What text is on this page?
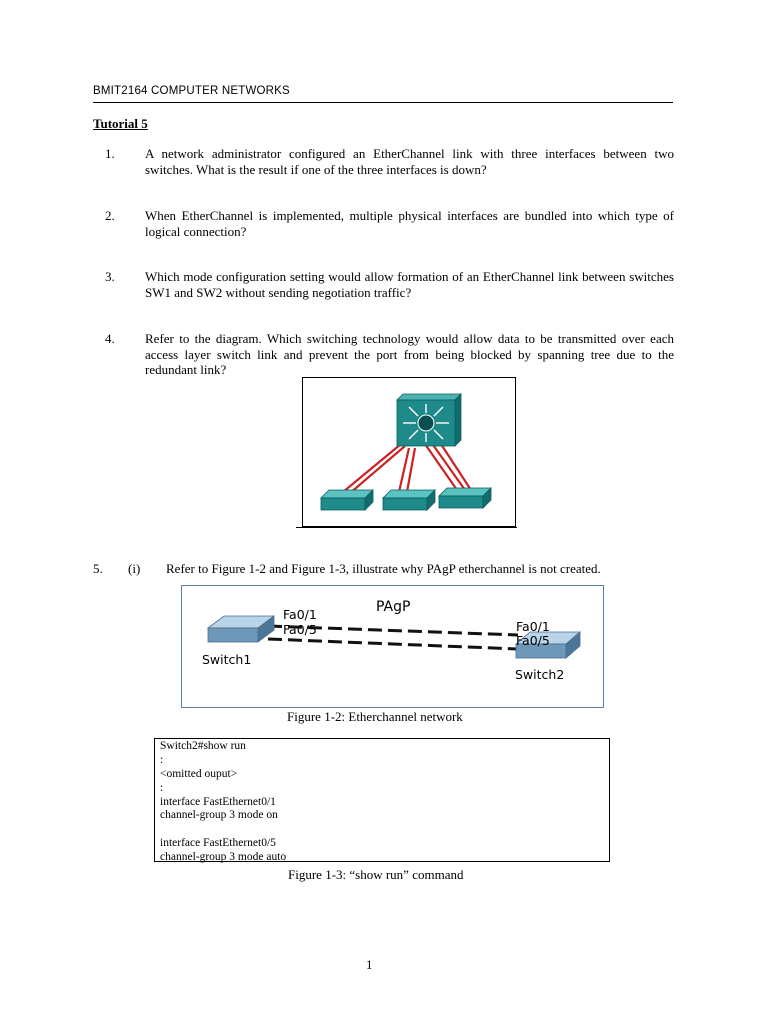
BMIT2164 COMPUTER NETWORKS
Tutorial 5
1. A network administrator configured an EtherChannel link with three interfaces between two switches. What is the result if one of the three interfaces is down?
2. When EtherChannel is implemented, multiple physical interfaces are bundled into which type of logical connection?
3. Which mode configuration setting would allow formation of an EtherChannel link between switches SW1 and SW2 without sending negotiation traffic?
4. Refer to the diagram. Which switching technology would allow data to be transmitted over each access layer switch link and prevent the port from being blocked by spanning tree due to the redundant link?
5. (i) Refer to Figure 1-2 and Figure 1-3, illustrate why PAgP etherchannel is not created.
PAgP
Fa0/1
Fa0/5	Fa0/1
Fa0/5
Switch1
Switch2
Figure 1-2: Etherchannel network
Switch2#show run
:
<omitted ouput>
:
interface FastEthernet0/1
channel-group 3 mode on
interface FastEthernet0/5
channel-group 3 mode auto
Figure 1-3: “show run” command
1
